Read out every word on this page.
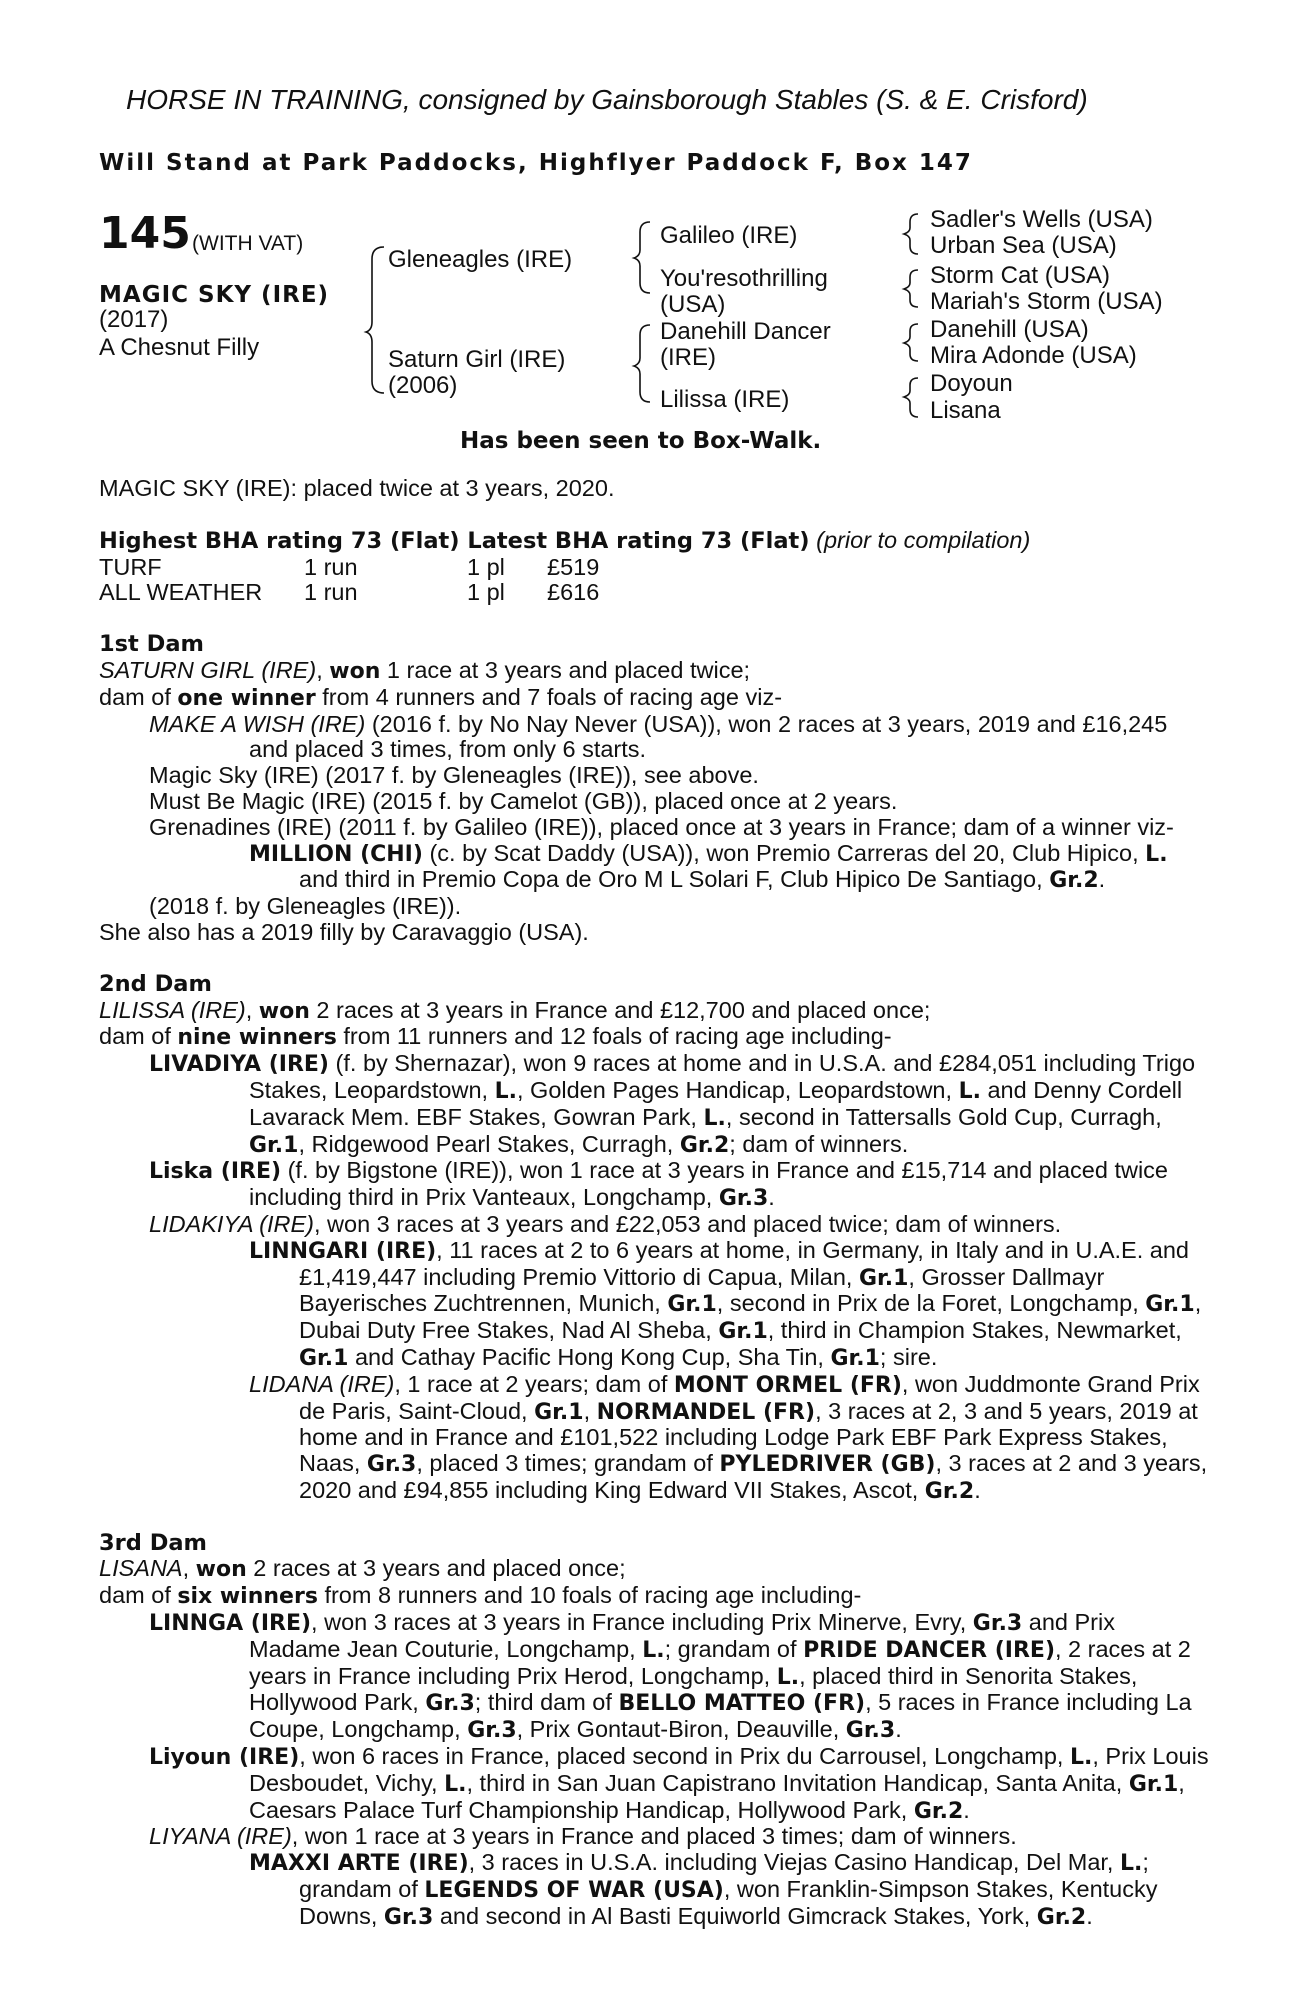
HORSE IN TRAINING, consigned by Gainsborough Stables (S. & E. Crisford)
Will Stand at Park Paddocks, Highflyer Paddock F, Box 147
145 (WITH VAT)
MAGIC SKY (IRE)
(2017)
A Chesnut Filly
Gleneagles (IRE)
Saturn Girl (IRE)
(2006)
Galileo (IRE)
You'resothrilling
(USA)
Danehill Dancer
(IRE)
Lilissa (IRE)
Sadler's Wells (USA)
Urban Sea (USA)
Storm Cat (USA)
Mariah's Storm (USA)
Danehill (USA)
Mira Adonde (USA)
Doyoun
Lisana
Has been seen to Box-Walk.

MAGIC SKY (IRE): placed twice at 3 years, 2020.

Highest BHA rating 73 (Flat) Latest BHA rating 73 (Flat) (prior to compilation)

TURF	1 run	1 pl	£519
ALL WEATHER	1 run	1 pl	£616

1st Dam

SATURN GIRL (IRE), won 1 race at 3 years and placed twice;

dam of one winner from 4 runners and 7 foals of racing age viz-

MAKE A WISH (IRE) (2016 f. by No Nay Never (USA)), won 2 races at 3 years, 2019 and £16,245 and placed 3 times, from only 6 starts.

Magic Sky (IRE) (2017 f. by Gleneagles (IRE)), see above.

Must Be Magic (IRE) (2015 f. by Camelot (GB)), placed once at 2 years.

Grenadines (IRE) (2011 f. by Galileo (IRE)), placed once at 3 years in France; dam of a winner viz-

MILLION (CHI) (c. by Scat Daddy (USA)), won Premio Carreras del 20, Club Hipico, L. and third in Premio Copa de Oro M L Solari F, Club Hipico De Santiago, Gr.2.

(2018 f. by Gleneagles (IRE)).

She also has a 2019 filly by Caravaggio (USA).

2nd Dam

LILISSA (IRE), won 2 races at 3 years in France and £12,700 and placed once;

dam of nine winners from 11 runners and 12 foals of racing age including-

LIVADIYA (IRE) (f. by Shernazar), won 9 races at home and in U.S.A. and £284,051 including Trigo Stakes, Leopardstown, L., Golden Pages Handicap, Leopardstown, L. and Denny Cordell Lavarack Mem. EBF Stakes, Gowran Park, L., second in Tattersalls Gold Cup, Curragh, Gr.1, Ridgewood Pearl Stakes, Curragh, Gr.2; dam of winners.

Liska (IRE) (f. by Bigstone (IRE)), won 1 race at 3 years in France and £15,714 and placed twice including third in Prix Vanteaux, Longchamp, Gr.3.

LIDAKIYA (IRE), won 3 races at 3 years and £22,053 and placed twice; dam of winners.

LINNGARI (IRE), 11 races at 2 to 6 years at home, in Germany, in Italy and in U.A.E. and £1,419,447 including Premio Vittorio di Capua, Milan, Gr.1, Grosser Dallmayr Bayerisches Zuchtrennen, Munich, Gr.1, second in Prix de la Foret, Longchamp, Gr.1, Dubai Duty Free Stakes, Nad Al Sheba, Gr.1, third in Champion Stakes, Newmarket, Gr.1 and Cathay Pacific Hong Kong Cup, Sha Tin, Gr.1; sire.

LIDANA (IRE), 1 race at 2 years; dam of MONT ORMEL (FR), won Juddmonte Grand Prix de Paris, Saint-Cloud, Gr.1, NORMANDEL (FR), 3 races at 2, 3 and 5 years, 2019 at home and in France and £101,522 including Lodge Park EBF Park Express Stakes, Naas, Gr.3, placed 3 times; grandam of PYLEDRIVER (GB), 3 races at 2 and 3 years, 2020 and £94,855 including King Edward VII Stakes, Ascot, Gr.2.

3rd Dam

LISANA, won 2 races at 3 years and placed once;

dam of six winners from 8 runners and 10 foals of racing age including-

LINNGA (IRE), won 3 races at 3 years in France including Prix Minerve, Evry, Gr.3 and Prix Madame Jean Couturie, Longchamp, L.; grandam of PRIDE DANCER (IRE), 2 races at 2 years in France including Prix Herod, Longchamp, L., placed third in Senorita Stakes, Hollywood Park, Gr.3; third dam of BELLO MATTEO (FR), 5 races in France including La Coupe, Longchamp, Gr.3, Prix Gontaut-Biron, Deauville, Gr.3.

Liyoun (IRE), won 6 races in France, placed second in Prix du Carrousel, Longchamp, L., Prix Louis Desboudet, Vichy, L., third in San Juan Capistrano Invitation Handicap, Santa Anita, Gr.1, Caesars Palace Turf Championship Handicap, Hollywood Park, Gr.2.

LIYANA (IRE), won 1 race at 3 years in France and placed 3 times; dam of winners.

MAXXI ARTE (IRE), 3 races in U.S.A. including Viejas Casino Handicap, Del Mar, L.; grandam of LEGENDS OF WAR (USA), won Franklin-Simpson Stakes, Kentucky Downs, Gr.3 and second in Al Basti Equiworld Gimcrack Stakes, York, Gr.2.
